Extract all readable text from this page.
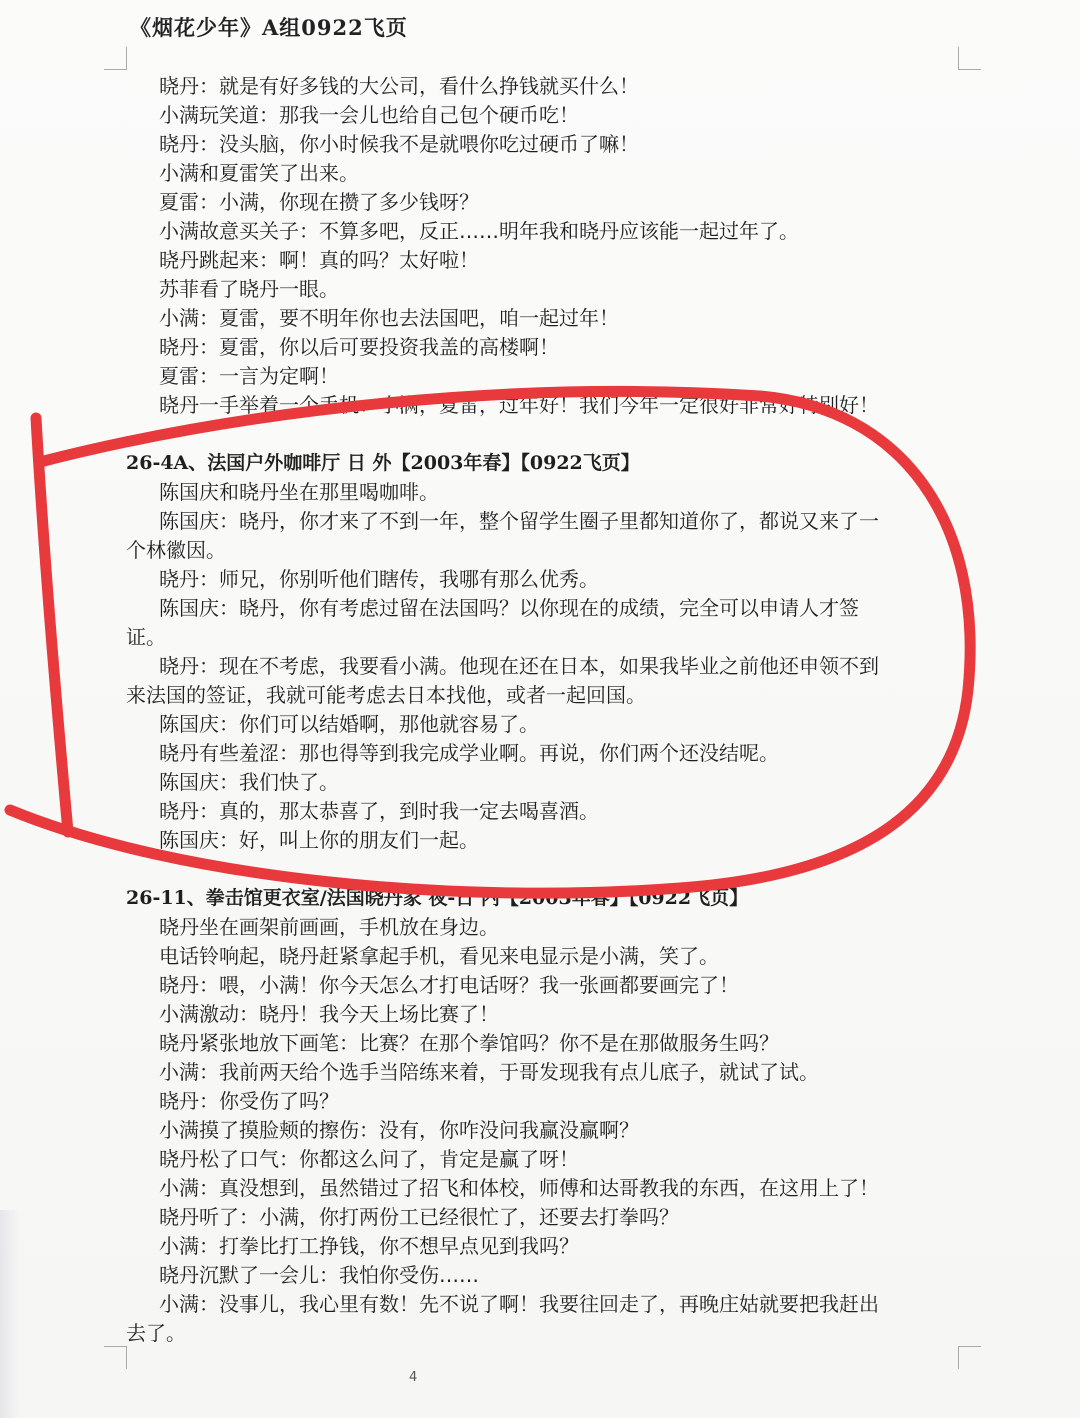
《烟花少年》A组0922飞页
晓丹：就是有好多钱的大公司，看什么挣钱就买什么！
小满玩笑道：那我一会儿也给自己包个硬币吃！
晓丹：没头脑，你小时候我不是就喂你吃过硬币了嘛！
小满和夏雷笑了出来。
夏雷：小满，你现在攒了多少钱呀？
小满故意买关子：不算多吧，反正……明年我和晓丹应该能一起过年了。
晓丹跳起来：啊！真的吗？太好啦！
苏菲看了晓丹一眼。
小满：夏雷，要不明年你也去法国吧，咱一起过年！
晓丹：夏雷，你以后可要投资我盖的高楼啊！
夏雷：一言为定啊！
晓丹一手举着一个手机：小满，夏雷，过年好！我们今年一定很好非常好特别好！
26-4A、法国户外咖啡厅 日 外【2003年春】【0922飞页】
陈国庆和晓丹坐在那里喝咖啡。
陈国庆：晓丹，你才来了不到一年，整个留学生圈子里都知道你了，都说又来了一
个林徽因。
晓丹：师兄，你别听他们瞎传，我哪有那么优秀。
陈国庆：晓丹，你有考虑过留在法国吗？以你现在的成绩，完全可以申请人才签
证。
晓丹：现在不考虑，我要看小满。他现在还在日本，如果我毕业之前他还申领不到
来法国的签证，我就可能考虑去日本找他，或者一起回国。
陈国庆：你们可以结婚啊，那他就容易了。
晓丹有些羞涩：那也得等到我完成学业啊。再说，你们两个还没结呢。
陈国庆：我们快了。
晓丹：真的，那太恭喜了，到时我一定去喝喜酒。
陈国庆：好，叫上你的朋友们一起。
26-11、拳击馆更衣室/法国晓丹家 夜-日 内【2003年春】【0922飞页】
晓丹坐在画架前画画，手机放在身边。
电话铃响起，晓丹赶紧拿起手机，看见来电显示是小满，笑了。
晓丹：喂，小满！你今天怎么才打电话呀？我一张画都要画完了！
小满激动：晓丹！我今天上场比赛了！
晓丹紧张地放下画笔：比赛？在那个拳馆吗？你不是在那做服务生吗？
小满：我前两天给个选手当陪练来着，于哥发现我有点儿底子，就试了试。
晓丹：你受伤了吗？
小满摸了摸脸颊的擦伤：没有，你咋没问我赢没赢啊？
晓丹松了口气：你都这么问了，肯定是赢了呀！
小满：真没想到，虽然错过了招飞和体校，师傅和达哥教我的东西，在这用上了！
晓丹听了：小满，你打两份工已经很忙了，还要去打拳吗？
小满：打拳比打工挣钱，你不想早点见到我吗？
晓丹沉默了一会儿：我怕你受伤……
小满：没事儿，我心里有数！先不说了啊！我要往回走了，再晚庄姑就要把我赶出
去了。
4
